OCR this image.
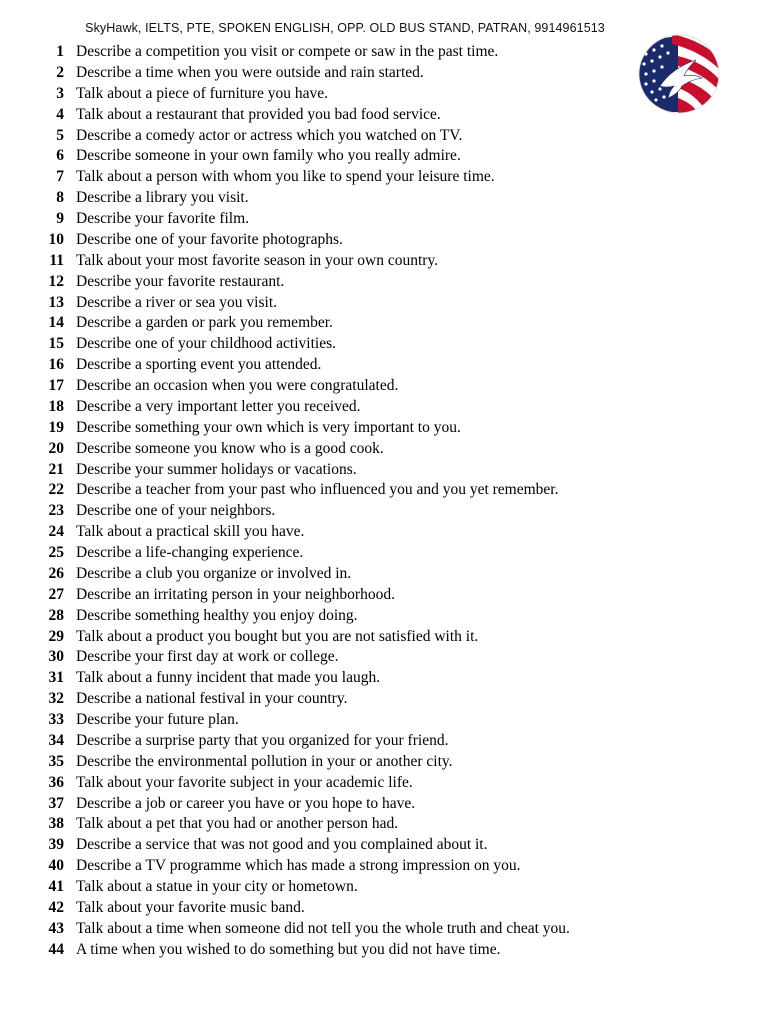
SkyHawk, IELTS, PTE, SPOKEN ENGLISH, OPP. OLD BUS STAND, PATRAN, 9914961513
1 Describe a competition you visit or compete or saw in the past time.
2 Describe a time when you were outside and rain started.
3 Talk about a piece of furniture you have.
4 Talk about a restaurant that provided you bad food service.
5 Describe a comedy actor or actress which you watched on TV.
6 Describe someone in your own family who you really admire.
7 Talk about a person with whom you like to spend your leisure time.
8 Describe a library you visit.
9 Describe your favorite film.
10 Describe one of your favorite photographs.
11 Talk about your most favorite season in your own country.
12 Describe your favorite restaurant.
13 Describe a river or sea you visit.
14 Describe a garden or park you remember.
15 Describe one of your childhood activities.
16 Describe a sporting event you attended.
17 Describe an occasion when you were congratulated.
18 Describe a very important letter you received.
19 Describe something your own which is very important to you.
20 Describe someone you know who is a good cook.
21 Describe your summer holidays or vacations.
22 Describe a teacher from your past who influenced you and you yet remember.
23 Describe one of your neighbors.
24 Talk about a practical skill you have.
25 Describe a life-changing experience.
26 Describe a club you organize or involved in.
27 Describe an irritating person in your neighborhood.
28 Describe something healthy you enjoy doing.
29 Talk about a product you bought but you are not satisfied with it.
30 Describe your first day at work or college.
31 Talk about a funny incident that made you laugh.
32 Describe a national festival in your country.
33 Describe your future plan.
34 Describe a surprise party that you organized for your friend.
35 Describe the environmental pollution in your or another city.
36 Talk about your favorite subject in your academic life.
37 Describe a job or career you have or you hope to have.
38 Talk about a pet that you had or another person had.
39 Describe a service that was not good and you complained about it.
40 Describe a TV programme which has made a strong impression on you.
41 Talk about a statue in your city or hometown.
42 Talk about your favorite music band.
43 Talk about a time when someone did not tell you the whole truth and cheat you.
44 A time when you wished to do something but you did not have time.
